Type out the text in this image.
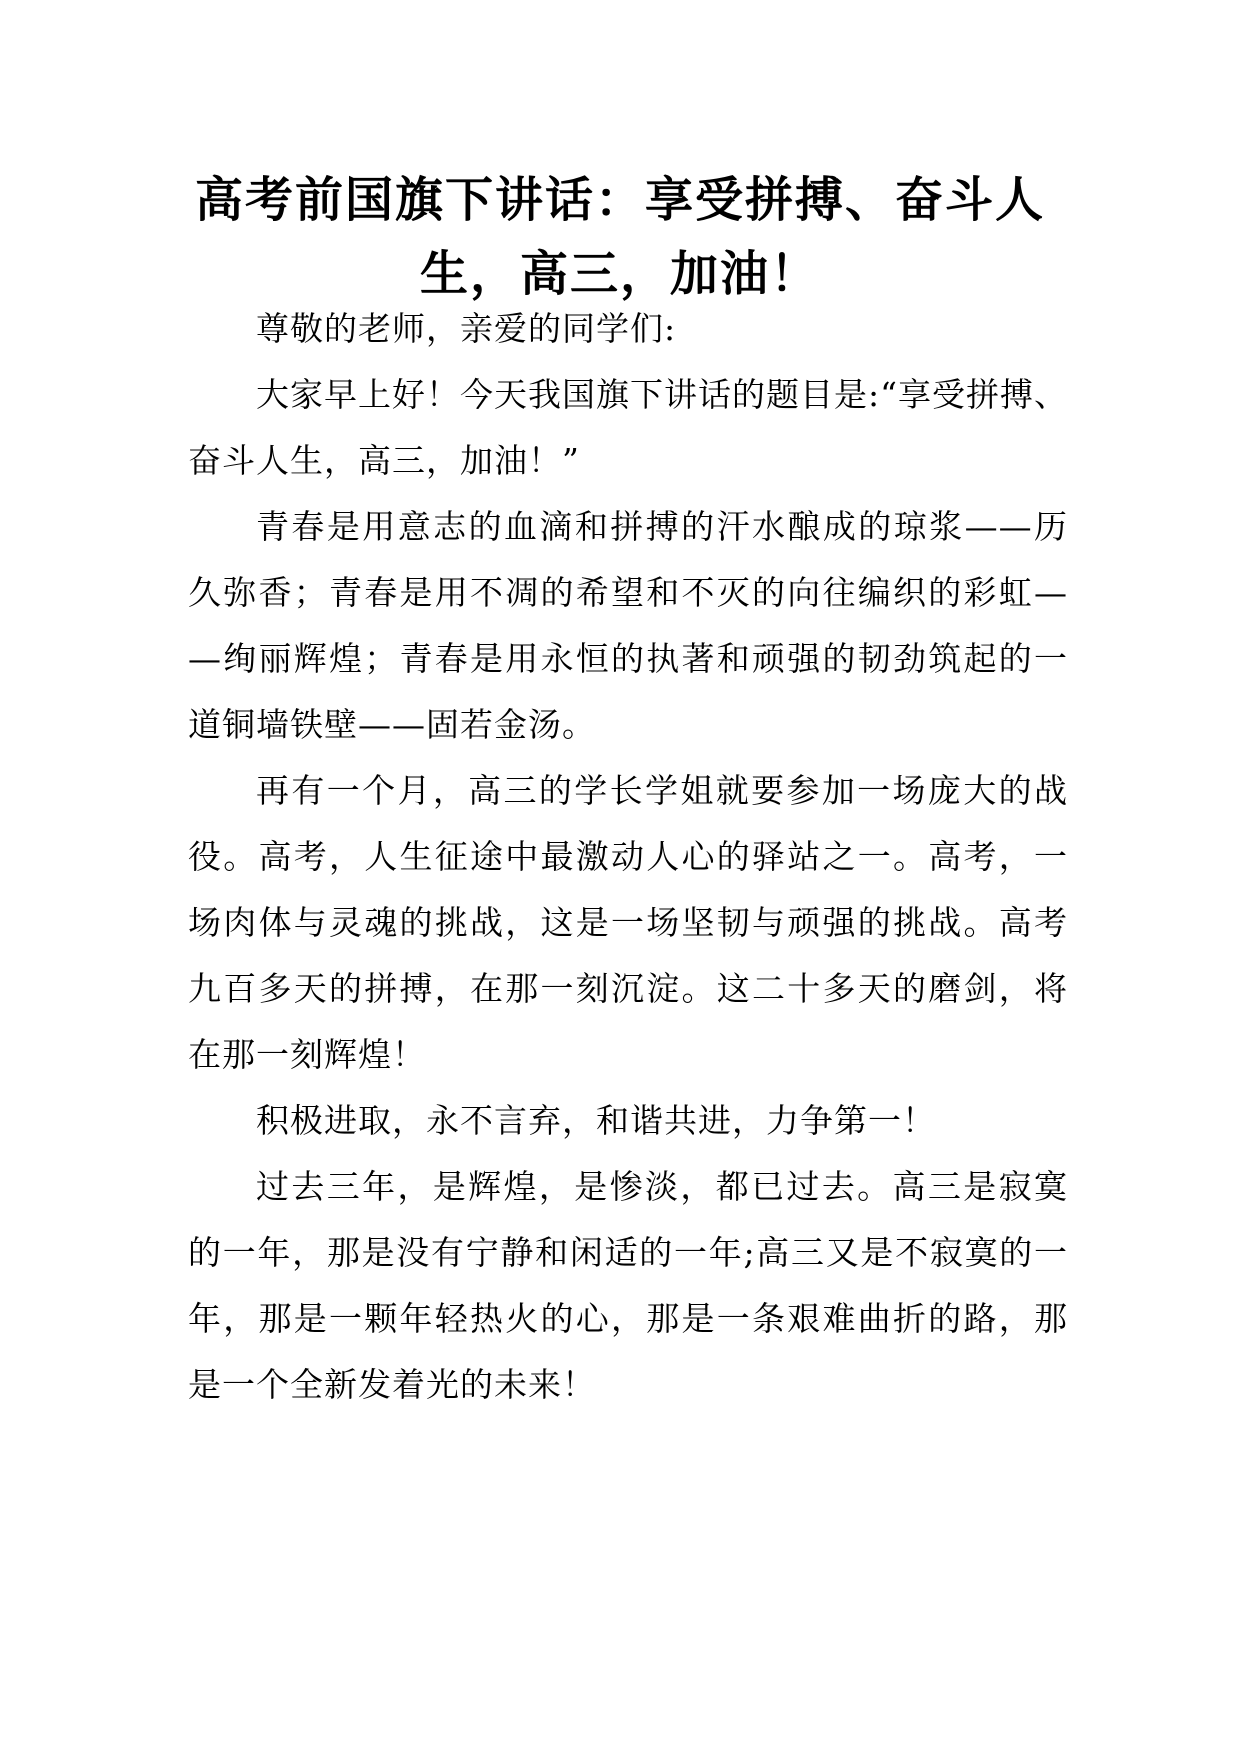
高考前国旗下讲话：享受拼搏、奋斗人
生，高三，加油！
尊敬的老师，亲爱的同学们:
大家早上好！今天我国旗下讲话的题目是:“享受拼搏、
奋斗人生，高三，加油！”
青春是用意志的血滴和拼搏的汗水酿成的琼浆——历
久弥香；青春是用不凋的希望和不灭的向往编织的彩虹—
—绚丽辉煌；青春是用永恒的执著和顽强的韧劲筑起的一
道铜墙铁壁——固若金汤。
再有一个月，高三的学长学姐就要参加一场庞大的战
役。高考，人生征途中最激动人心的驿站之一。高考，一
场肉体与灵魂的挑战，这是一场坚韧与顽强的挑战。高考
九百多天的拼搏，在那一刻沉淀。这二十多天的磨剑，将
在那一刻辉煌！
积极进取，永不言弃，和谐共进，力争第一！
过去三年，是辉煌，是惨淡，都已过去。高三是寂寞
的一年，那是没有宁静和闲适的一年;高三又是不寂寞的一
年，那是一颗年轻热火的心，那是一条艰难曲折的路，那
是一个全新发着光的未来！
